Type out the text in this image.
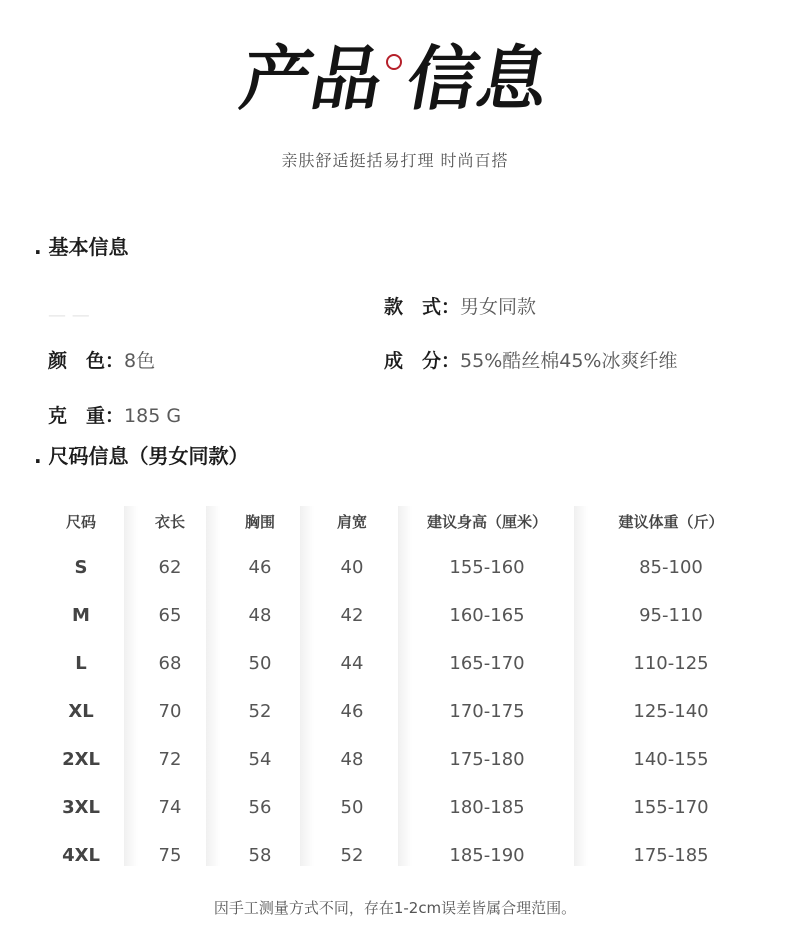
产品 信息
亲肤舒适挺括易打理 时尚百搭
. 基本信息
— —	款　式：男女同款
颜　色：8色	成　分：55%酷丝棉45%冰爽纤维
克　重：185 G
. 尺码信息（男女同款）
尺码
S
M
L
XL
2XL
3XL
4XL
衣长
62
65
68
70
72
74
75
胸围
46
48
50
52
54
56
58
肩宽
40
42
44
46
48
50
52
建议身高（厘米）
155-160
160-165
165-170
170-175
175-180
180-185
185-190
建议体重（斤）
85-100
95-110
110-125
125-140
140-155
155-170
175-185
因手工测量方式不同，存在1-2cm误差皆属合理范围。
